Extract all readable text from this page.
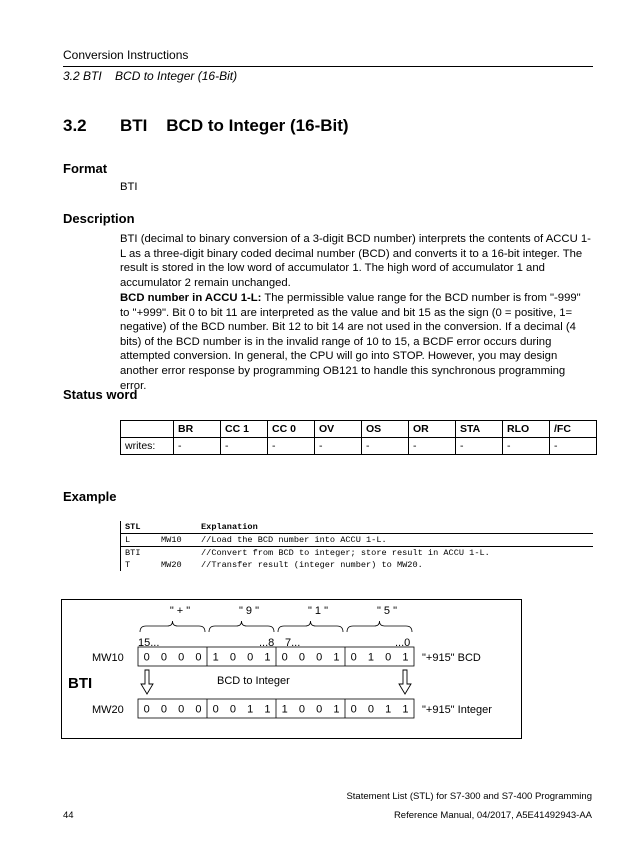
Conversion Instructions
3.2 BTI    BCD to Integer (16-Bit)
3.2 BTI    BCD to Integer (16-Bit)
Format
BTI
Description
BTI (decimal to binary conversion of a 3-digit BCD number) interprets the contents of ACCU 1-L as a three-digit binary coded decimal number (BCD) and converts it to a 16-bit integer. The result is stored in the low word of accumulator 1. The high word of accumulator 1 and accumulator 2 remain unchanged.
BCD number in ACCU 1-L: The permissible value range for the BCD number is from "-999" to "+999". Bit 0 to bit 11 are interpreted as the value and bit 15 as the sign (0 = positive, 1= negative) of the BCD number. Bit 12 to bit 14 are not used in the conversion. If a decimal (4 bits) of the BCD number is in the invalid range of 10 to 15, a BCDF error occurs during attempted conversion. In general, the CPU will go into STOP. However, you may design another error response by programming OB121 to handle this synchronous programming error.
Status word
	BR	CC 1	CC 0	OV	OS	OR	STA	RLO	/FC
writes:	-	-	-	-	-	-	-	-	-
Example
STL	Explanation
L	MW10	//Load the BCD number into ACCU 1-L.
BTI	//Convert from BCD to integer; store result in ACCU 1-L.
T	MW20	//Transfer result (integer number) to MW20.
0 0 0 0 1 0 0 1 0 0 0 1 0 1 0 1
0 0 0 0 0 0 1 1 1 0 0 1 0 0 1 1
" + "	" 9 "	" 1 "	" 5 "
15...	...8 7...	...0
MW10	"+915" BCD
BTI	BCD to Integer
MW20	"+915" Integer
Statement List (STL) for S7-300 and S7-400 Programming
44	Reference Manual, 04/2017, A5E41492943-AA
